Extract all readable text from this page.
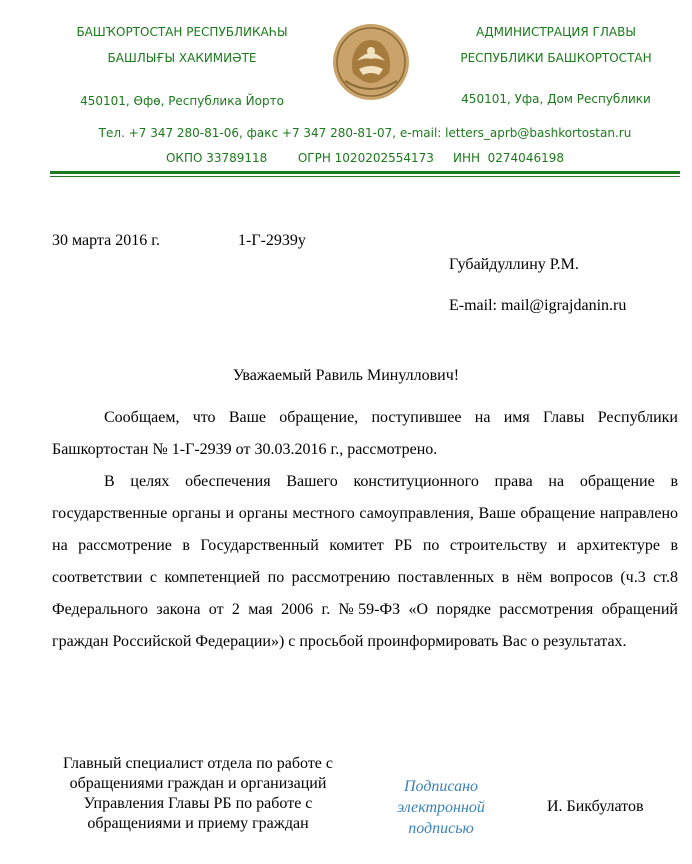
БАШҠОРТОСТАН РЕСПУБЛИКАҺЫ
БАШЛЫҒЫ ХАКИМИӘТЕ
450101, Өфө, Республика Йорто
АДМИНИСТРАЦИЯ ГЛАВЫ
РЕСПУБЛИКИ БАШКОРТОСТАН
450101, Уфа, Дом Республики
Тел. +7 347 280-81-06, факс +7 347 280-81-07, e-mail: letters_aprb@bashkortostan.ru
ОКПО 33789118        ОГРН 1020202554173     ИНН  0274046198
30 марта 2016 г.	1-Г-2939у
Губайдуллину Р.М.
E-mail: mail@igrajdanin.ru
Уважаемый Равиль Минуллович!

Сообщаем, что Ваше обращение, поступившее на имя Главы Республики Башкортостан № 1-Г-2939 от 30.03.2016 г., рассмотрено.

В целях обеспечения Вашего конституционного права на обращение в государственные органы и органы местного самоуправления, Ваше обращение направлено на рассмотрение в Государственный комитет РБ по строительству и архитектуре в соответствии с компетенцией по рассмотрению поставленных в нём вопросов (ч.3 ст.8 Федерального закона от 2 мая 2006 г. №59-ФЗ «О порядке рассмотрения обращений граждан Российской Федерации») с просьбой проинформировать Вас о результатах.

Главный специалист отдела по работе с обращениями граждан и организаций Управления Главы РБ по работе с обращениями и приему граждан
Подписано
электронной
подписью
И. Бикбулатов
